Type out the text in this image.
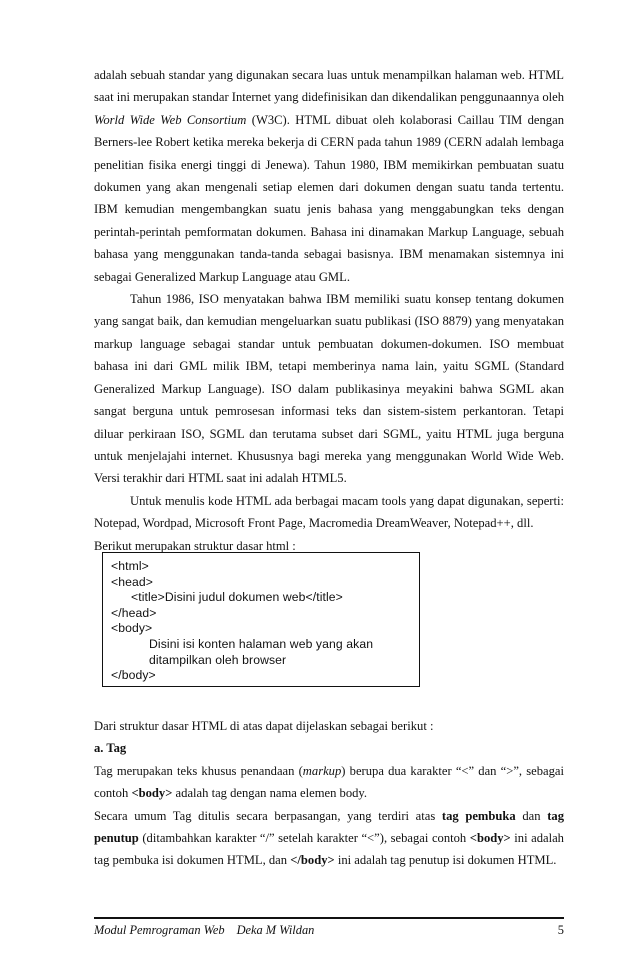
adalah sebuah standar yang digunakan secara luas untuk menampilkan halaman web. HTML saat ini merupakan standar Internet yang didefinisikan dan dikendalikan penggunaannya oleh World Wide Web Consortium (W3C). HTML dibuat oleh kolaborasi Caillau TIM dengan Berners-lee Robert ketika mereka bekerja di CERN pada tahun 1989 (CERN adalah lembaga penelitian fisika energi tinggi di Jenewa). Tahun 1980, IBM memikirkan pembuatan suatu dokumen yang akan mengenali setiap elemen dari dokumen dengan suatu tanda tertentu. IBM kemudian mengembangkan suatu jenis bahasa yang menggabungkan teks dengan perintah-perintah pemformatan dokumen. Bahasa ini dinamakan Markup Language, sebuah bahasa yang menggunakan tanda-tanda sebagai basisnya. IBM menamakan sistemnya ini sebagai Generalized Markup Language atau GML.

Tahun 1986, ISO menyatakan bahwa IBM memiliki suatu konsep tentang dokumen yang sangat baik, dan kemudian mengeluarkan suatu publikasi (ISO 8879) yang menyatakan markup language sebagai standar untuk pembuatan dokumen-dokumen. ISO membuat bahasa ini dari GML milik IBM, tetapi memberinya nama lain, yaitu SGML (Standard Generalized Markup Language). ISO dalam publikasinya meyakini bahwa SGML akan sangat berguna untuk pemrosesan informasi teks dan sistem-sistem perkantoran. Tetapi diluar perkiraan ISO, SGML dan terutama subset dari SGML, yaitu HTML juga berguna untuk menjelajahi internet. Khususnya bagi mereka yang menggunakan World Wide Web. Versi terakhir dari HTML saat ini adalah HTML5.

Untuk menulis kode HTML ada berbagai macam tools yang dapat digunakan, seperti: Notepad, Wordpad, Microsoft Front Page, Macromedia DreamWeaver, Notepad++, dll.

Berikut merupakan struktur dasar html :

<html>
<head>
<title>Disini judul dokumen web</title>
</head>
<body>
Disini isi konten halaman web yang akan
ditampilkan oleh browser
</body>

Dari struktur dasar HTML di atas dapat dijelaskan sebagai berikut :

a. Tag

Tag merupakan teks khusus penandaan (markup) berupa dua karakter “<” dan “>”, sebagai contoh <body> adalah tag dengan nama elemen body.

Secara umum Tag ditulis secara berpasangan, yang terdiri atas tag pembuka dan tag penutup (ditambahkan karakter “/” setelah karakter “<”), sebagai contoh <body> ini adalah tag pembuka isi dokumen HTML, dan </body> ini adalah tag penutup isi dokumen HTML.

Modul Pemrograman Web Deka M Wildan	5
